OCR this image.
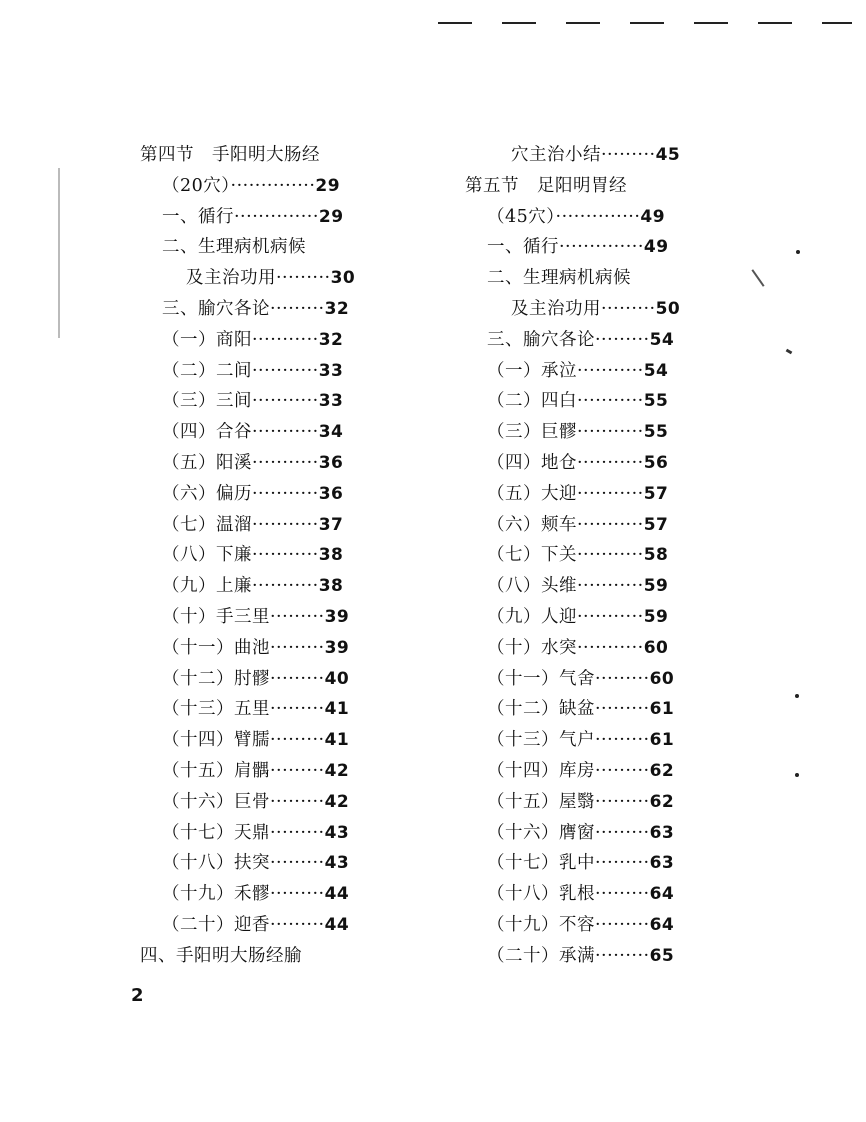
第四节　手阳明大肠经
（20穴）··············29
一、循行··············29
二、生理病机病候
及主治功用·········30
三、腧穴各论·········32
（一）商阳···········32
（二）二间···········33
（三）三间···········33
（四）合谷···········34
（五）阳溪···········36
（六）偏历···········36
（七）温溜···········37
（八）下廉···········38
（九）上廉···········38
（十）手三里·········39
（十一）曲池·········39
（十二）肘髎·········40
（十三）五里·········41
（十四）臂臑·········41
（十五）肩髃·········42
（十六）巨骨·········42
（十七）天鼎·········43
（十八）扶突·········43
（十九）禾髎·········44
（二十）迎香·········44
四、手阳明大肠经腧
穴主治小结·········45
第五节　足阳明胃经
（45穴）··············49
一、循行··············49
二、生理病机病候
及主治功用·········50
三、腧穴各论·········54
（一）承泣···········54
（二）四白···········55
（三）巨髎···········55
（四）地仓···········56
（五）大迎···········57
（六）颊车···········57
（七）下关···········58
（八）头维···········59
（九）人迎···········59
（十）水突···········60
（十一）气舍·········60
（十二）缺盆·········61
（十三）气户·········61
（十四）库房·········62
（十五）屋翳·········62
（十六）膺窗·········63
（十七）乳中·········63
（十八）乳根·········64
（十九）不容·········64
（二十）承满·········65
2
